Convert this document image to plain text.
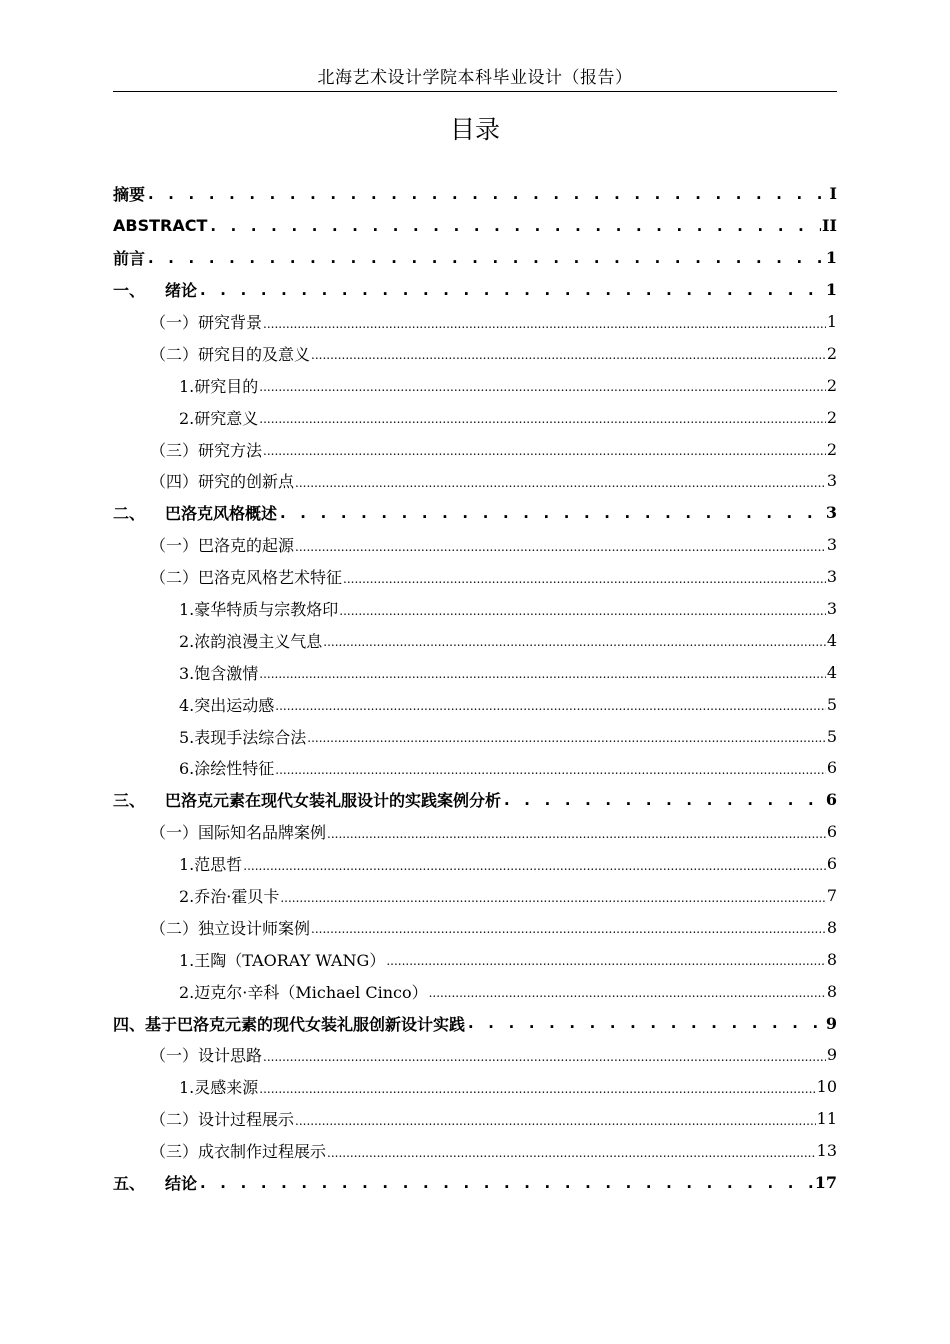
北海艺术设计学院本科毕业设计（报告）
目录
摘要 . . .	I
ABSTRACT . . .	II
前言 . . .	1
一、 绪论 . . .	1
（一）研究背景 .....	1
（二）研究目的及意义 .....	2
1.研究目的 .....	2
2.研究意义 .....	2
（三）研究方法 .....	2
（四）研究的创新点 .....	3
二、 巴洛克风格概述 . . .	3
（一）巴洛克的起源 .....	3
（二）巴洛克风格艺术特征 .....	3
1.豪华特质与宗教烙印 .....	3
2.浓韵浪漫主义气息 .....	4
3.饱含激情 .....	4
4.突出运动感 .....	5
5.表现手法综合法 .....	5
6.涂绘性特征 .....	6
三、 巴洛克元素在现代女装礼服设计的实践案例分析 . . .	6
（一）国际知名品牌案例 .....	6
1.范思哲 .....	6
2.乔治·霍贝卡 .....	7
（二）独立设计师案例 .....	8
1.王陶（TAORAY WANG） .....	8
2.迈克尔·辛科（Michael Cinco） .....	8
四、基于巴洛克元素的现代女装礼服创新设计实践 . . .	9
（一）设计思路 .....	9
1.灵感来源 .....	10
（二）设计过程展示 .....	11
（三）成衣制作过程展示 .....	13
五、 结论 . . .	17
